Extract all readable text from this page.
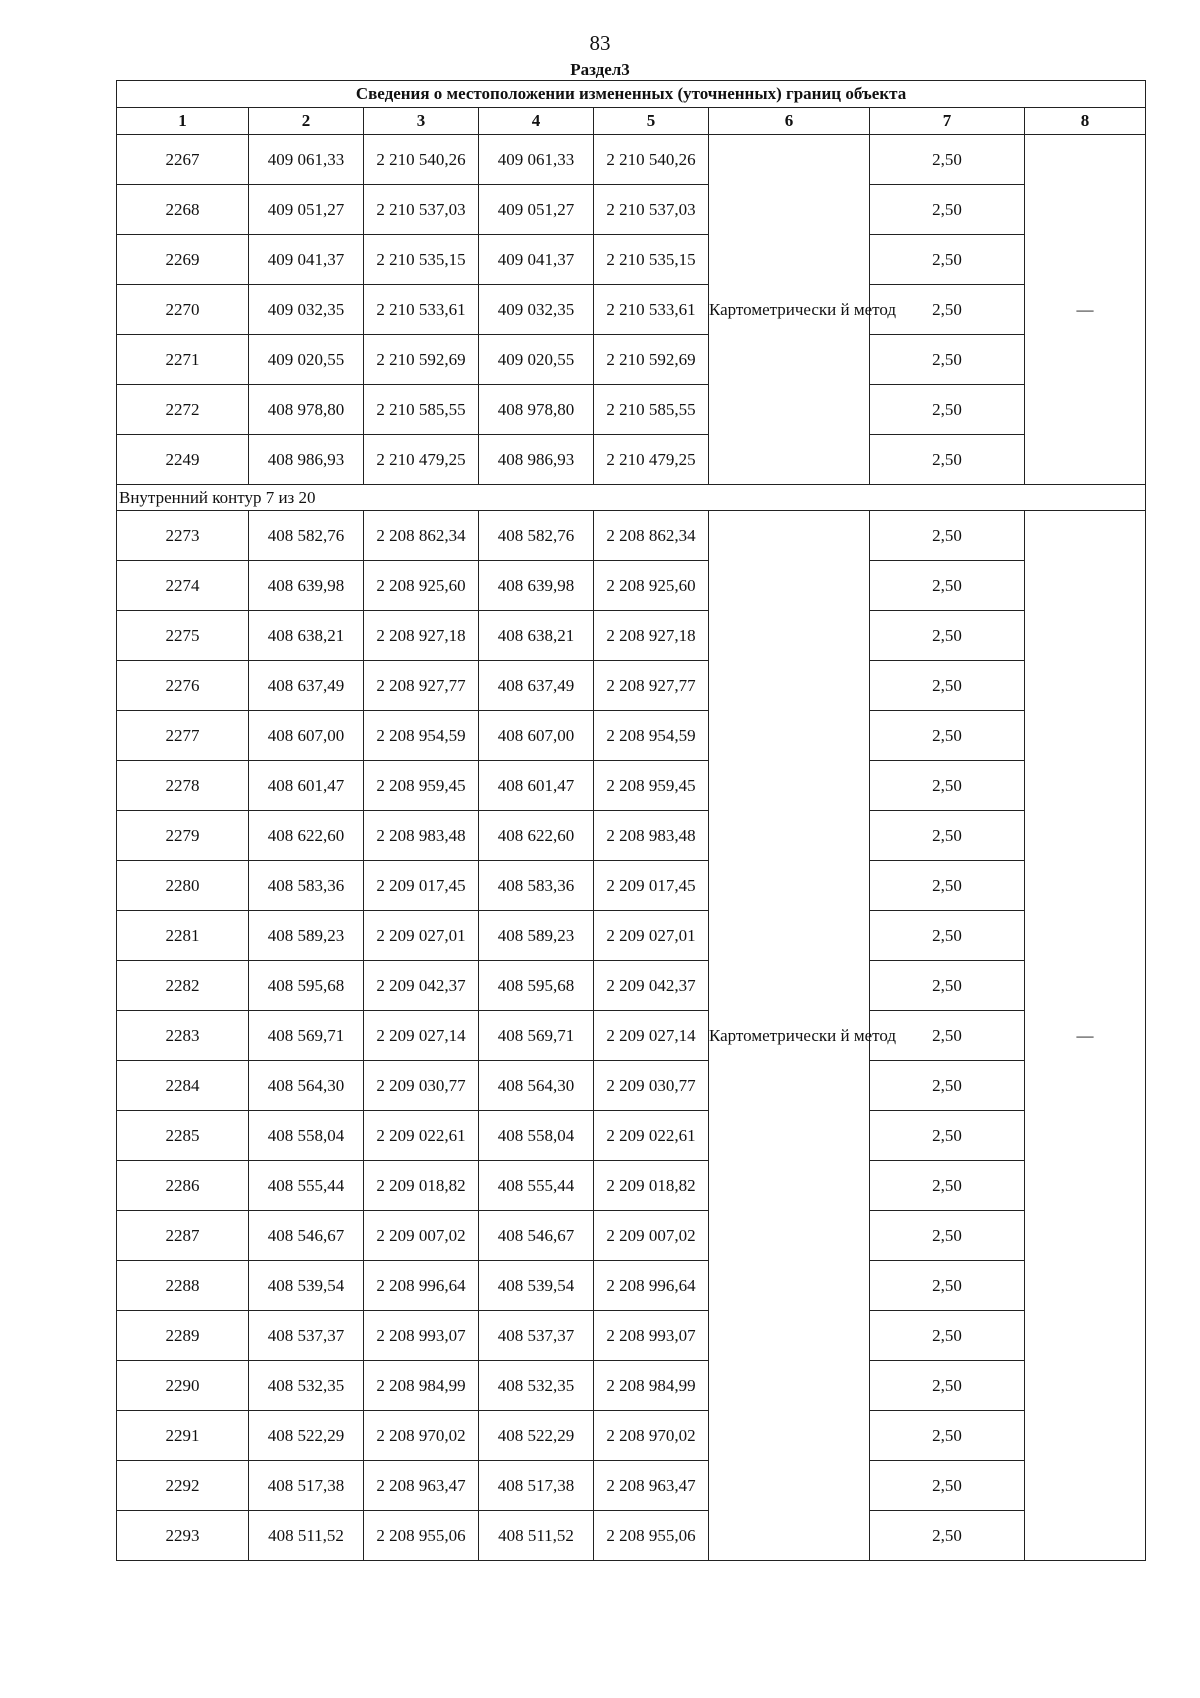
83
Раздел3
Сведения о местоположении измененных (уточненных) границ объекта							
1	2	3	4	5	6	7	8
2267	409 061,33	2 210 540,26	409 061,33	2 210 540,26	Картометрически й метод	2,50	—
2268	409 051,27	2 210 537,03	409 051,27	2 210 537,03		2,50	
2269	409 041,37	2 210 535,15	409 041,37	2 210 535,15		2,50	
2270	409 032,35	2 210 533,61	409 032,35	2 210 533,61		2,50	
2271	409 020,55	2 210 592,69	409 020,55	2 210 592,69		2,50	
2272	408 978,80	2 210 585,55	408 978,80	2 210 585,55		2,50	
2249	408 986,93	2 210 479,25	408 986,93	2 210 479,25		2,50	
Внутренний контур 7 из 20							
2273	408 582,76	2 208 862,34	408 582,76	2 208 862,34	Картометрически й метод	2,50	—
2274	408 639,98	2 208 925,60	408 639,98	2 208 925,60		2,50	
2275	408 638,21	2 208 927,18	408 638,21	2 208 927,18		2,50	
2276	408 637,49	2 208 927,77	408 637,49	2 208 927,77		2,50	
2277	408 607,00	2 208 954,59	408 607,00	2 208 954,59		2,50	
2278	408 601,47	2 208 959,45	408 601,47	2 208 959,45		2,50	
2279	408 622,60	2 208 983,48	408 622,60	2 208 983,48		2,50	
2280	408 583,36	2 209 017,45	408 583,36	2 209 017,45		2,50	
2281	408 589,23	2 209 027,01	408 589,23	2 209 027,01		2,50	
2282	408 595,68	2 209 042,37	408 595,68	2 209 042,37		2,50	
2283	408 569,71	2 209 027,14	408 569,71	2 209 027,14		2,50	
2284	408 564,30	2 209 030,77	408 564,30	2 209 030,77		2,50	
2285	408 558,04	2 209 022,61	408 558,04	2 209 022,61		2,50	
2286	408 555,44	2 209 018,82	408 555,44	2 209 018,82		2,50	
2287	408 546,67	2 209 007,02	408 546,67	2 209 007,02		2,50	
2288	408 539,54	2 208 996,64	408 539,54	2 208 996,64		2,50	
2289	408 537,37	2 208 993,07	408 537,37	2 208 993,07		2,50	
2290	408 532,35	2 208 984,99	408 532,35	2 208 984,99		2,50	
2291	408 522,29	2 208 970,02	408 522,29	2 208 970,02		2,50	
2292	408 517,38	2 208 963,47	408 517,38	2 208 963,47		2,50	
2293	408 511,52	2 208 955,06	408 511,52	2 208 955,06		2,50	
